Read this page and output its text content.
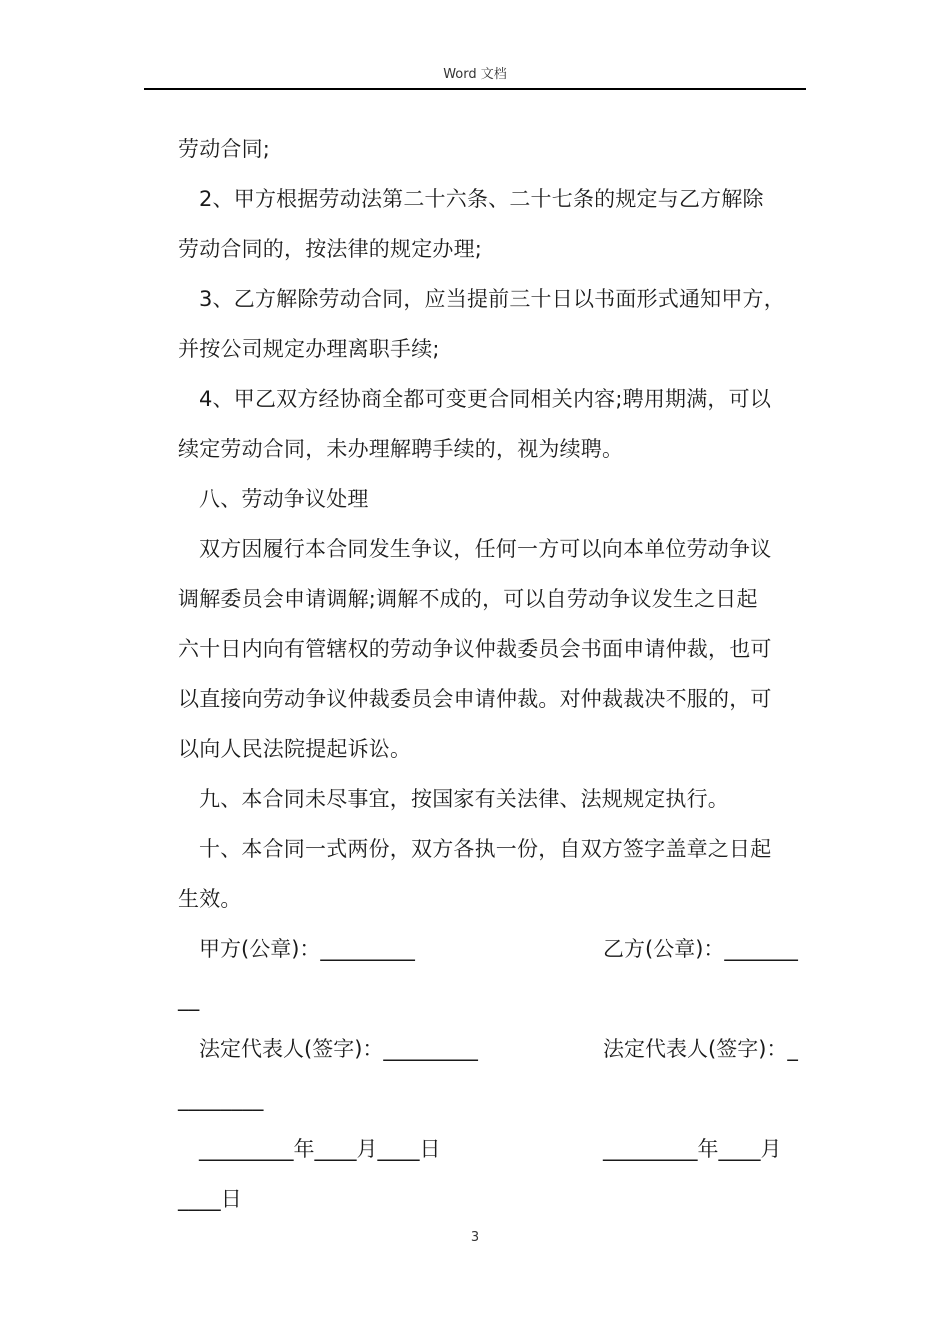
Word 文档
劳动合同;
2、甲方根据劳动法第二十六条、二十七条的规定与乙方解除
劳动合同的，按法律的规定办理;
3、乙方解除劳动合同，应当提前三十日以书面形式通知甲方，
并按公司规定办理离职手续;
4、甲乙双方经协商全都可变更合同相关内容;聘用期满，可以
续定劳动合同，未办理解聘手续的，视为续聘。
八、劳动争议处理
双方因履行本合同发生争议，任何一方可以向本单位劳动争议
调解委员会申请调解;调解不成的，可以自劳动争议发生之日起
六十日内向有管辖权的劳动争议仲裁委员会书面申请仲裁，也可
以直接向劳动争议仲裁委员会申请仲裁。对仲裁裁决不服的，可
以向人民法院提起诉讼。
九、本合同未尽事宜，按国家有关法律、法规规定执行。
十、本合同一式两份，双方各执一份，自双方签字盖章之日起
生效。
甲方(公章)：_________	乙方(公章)：_______
__
法定代表人(签字)：_________	法定代表人(签字)：_
________
_________年____月____日	_________年____月
____日
3
